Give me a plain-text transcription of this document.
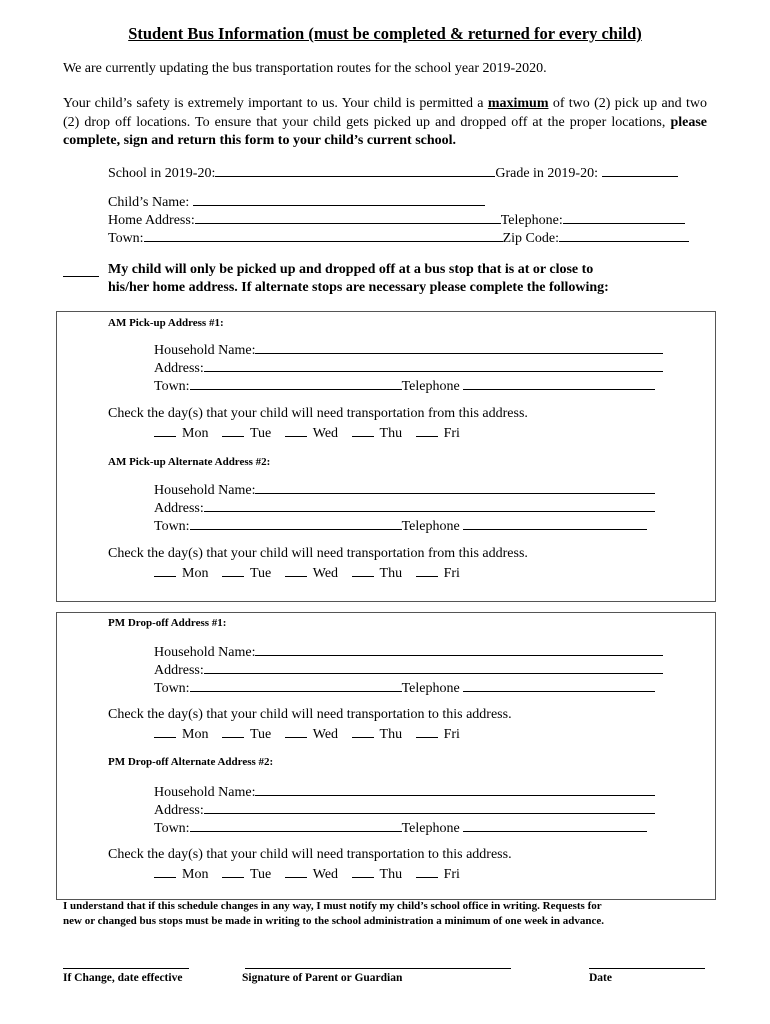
Student Bus Information (must be completed & returned for every child)
We are currently updating the bus transportation routes for the school year 2019-2020.
Your child’s safety is extremely important to us. Your child is permitted a maximum of two (2) pick up and two (2) drop off locations. To ensure that your child gets picked up and dropped off at the proper locations, please complete, sign and return this form to your child’s current school.
School in 2019-20:	Grade in 2019-20:
Child’s Name:
Home Address:	Telephone:
Town:	Zip Code:
My child will only be picked up and dropped off at a bus stop that is at or close to
his/her home address. If alternate stops are necessary please complete the following:
AM Pick-up Address #1:
Household Name:
Address:
Town:	Telephone
Check the day(s) that your child will need transportation from this address.
Mon	Tue	Wed	Thu	Fri
AM Pick-up Alternate Address #2:
Household Name:
Address:
Town:	Telephone
Check the day(s) that your child will need transportation from this address.
Mon	Tue	Wed	Thu	Fri
PM Drop-off Address #1:
Household Name:
Address:
Town:	Telephone
Check the day(s) that your child will need transportation to this address.
Mon	Tue	Wed	Thu	Fri
PM Drop-off Alternate Address #2:
Household Name:
Address:
Town:	Telephone
Check the day(s) that your child will need transportation to this address.
Mon	Tue	Wed	Thu	Fri
I understand that if this schedule changes in any way, I must notify my child’s school office in writing. Requests for
new or changed bus stops must be made in writing to the school administration a minimum of one week in advance.
If Change, date effective	Signature of Parent or Guardian	Date
